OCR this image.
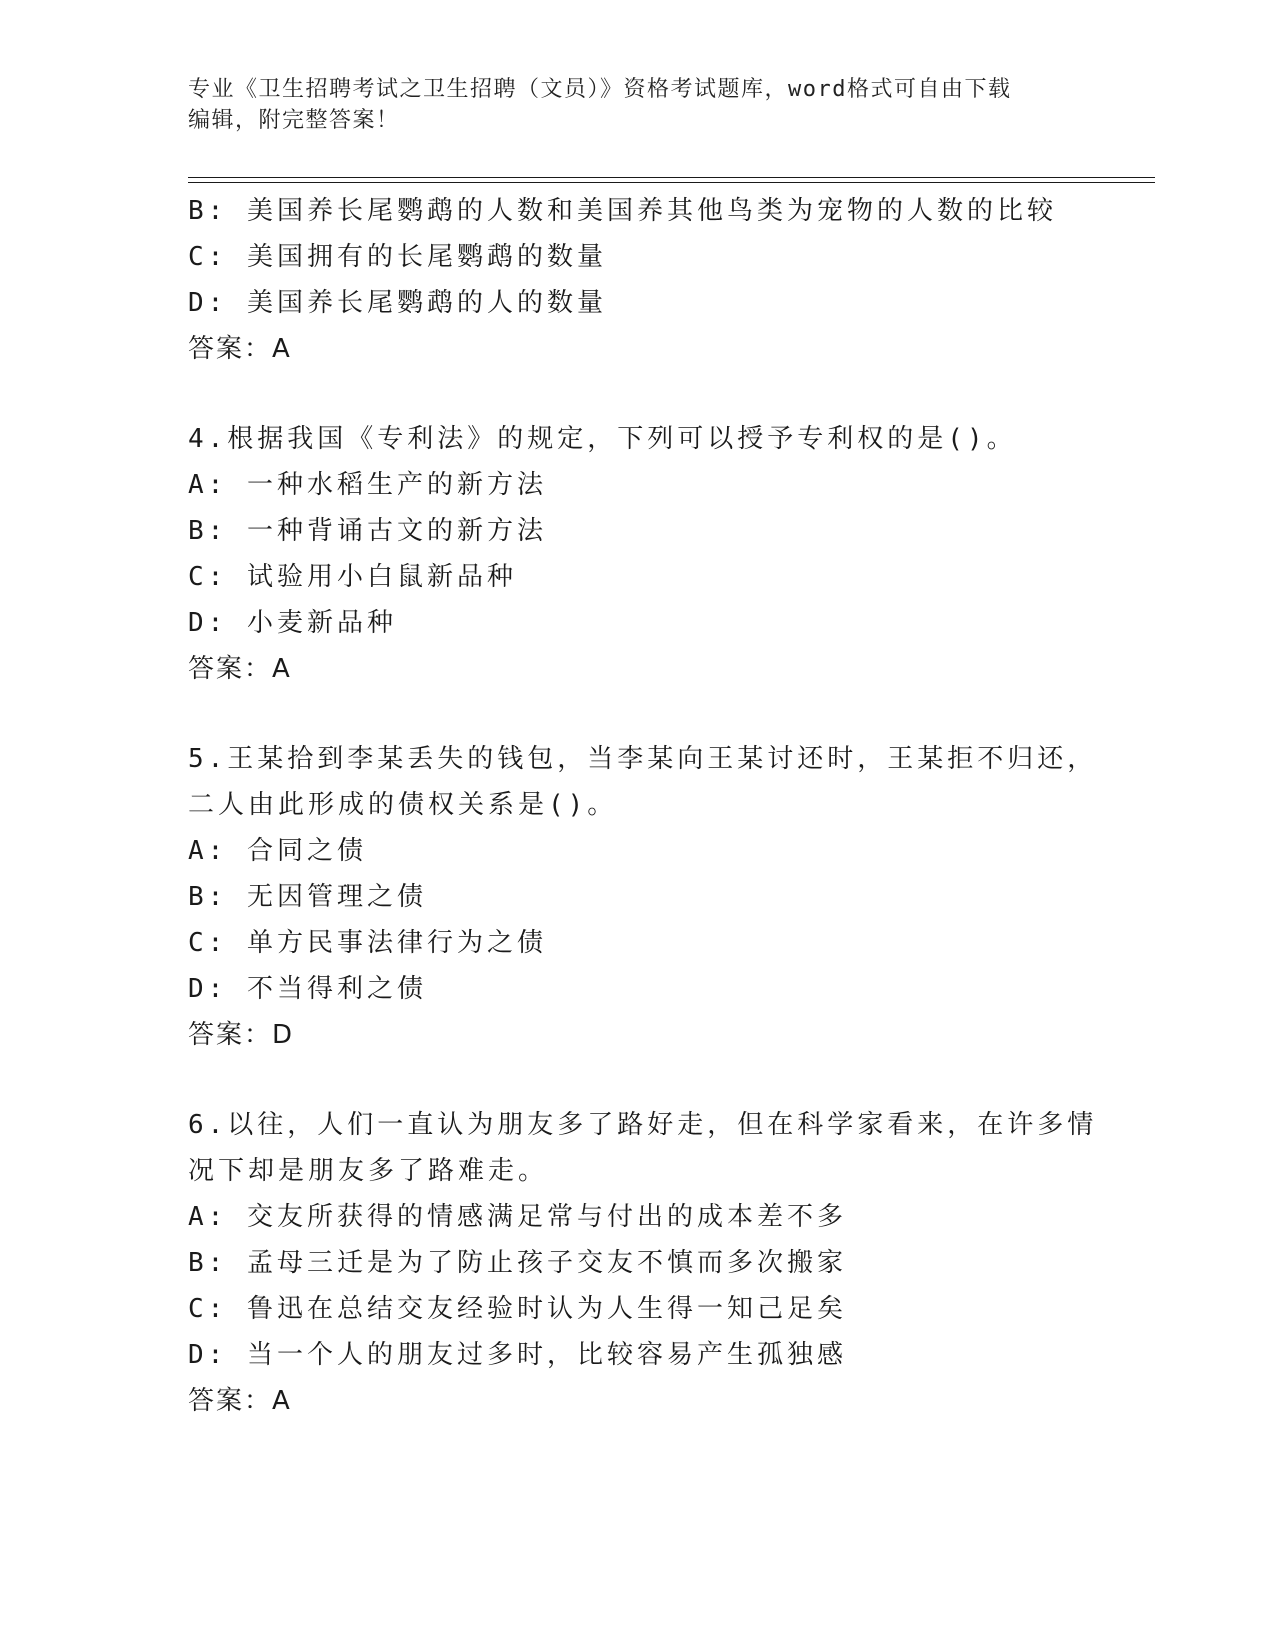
专业《卫生招聘考试之卫生招聘（文员）》资格考试题库，word格式可自由下载
编辑，附完整答案！
B: 美国养长尾鹦鹉的人数和美国养其他鸟类为宠物的人数的比较
C: 美国拥有的长尾鹦鹉的数量
D: 美国养长尾鹦鹉的人的数量
答案：A
4.根据我国《专利法》的规定，下列可以授予专利权的是()。
A: 一种水稻生产的新方法
B: 一种背诵古文的新方法
C: 试验用小白鼠新品种
D: 小麦新品种
答案：A
5.王某拾到李某丢失的钱包，当李某向王某讨还时，王某拒不归还，
二人由此形成的债权关系是()。
A: 合同之债
B: 无因管理之债
C: 单方民事法律行为之债
D: 不当得利之债
答案：D
6.以往，人们一直认为朋友多了路好走，但在科学家看来，在许多情
况下却是朋友多了路难走。
A: 交友所获得的情感满足常与付出的成本差不多
B: 孟母三迁是为了防止孩子交友不慎而多次搬家
C: 鲁迅在总结交友经验时认为人生得一知己足矣
D: 当一个人的朋友过多时，比较容易产生孤独感
答案：A
